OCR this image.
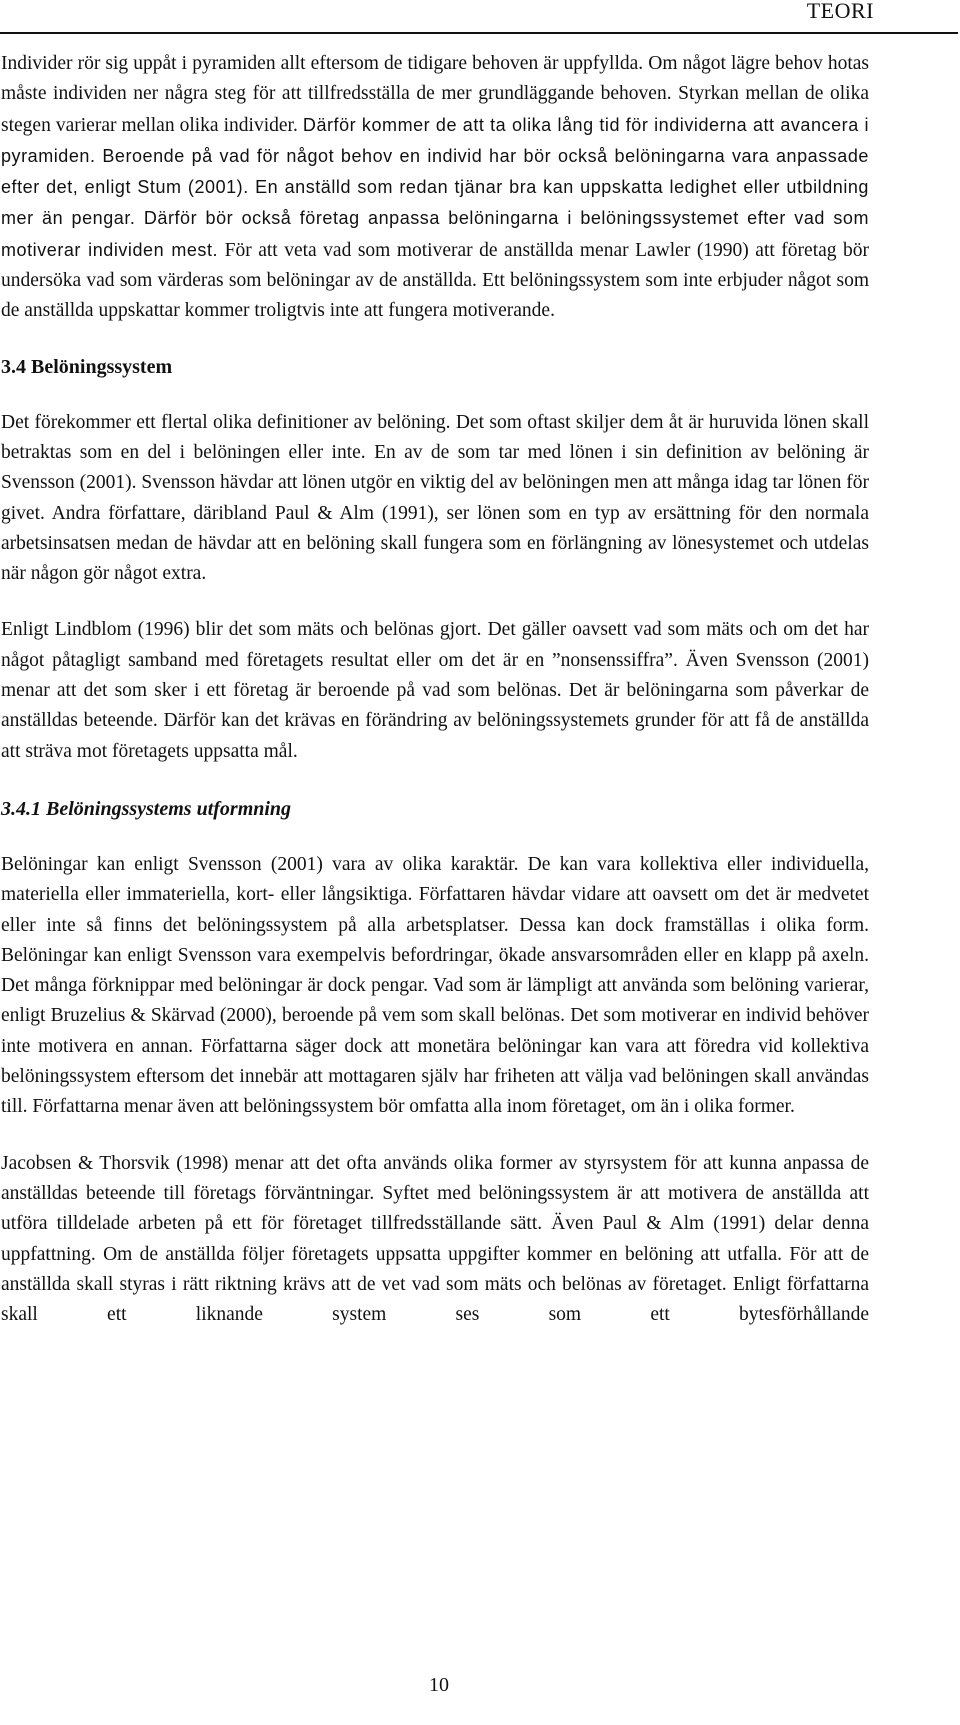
TEORI

Individer rör sig uppåt i pyramiden allt eftersom de tidigare behoven är uppfyllda. Om något lägre behov hotas måste individen ner några steg för att tillfredsställa de mer grundläggande behoven. Styrkan mellan de olika stegen varierar mellan olika individer. Därför kommer de att ta olika lång tid för individerna att avancera i pyramiden. Beroende på vad för något behov en individ har bör också belöningarna vara anpassade efter det, enligt Stum (2001). En anställd som redan tjänar bra kan uppskatta ledighet eller utbildning mer än pengar. Därför bör också företag anpassa belöningarna i belöningssystemet efter vad som motiverar individen mest. För att veta vad som motiverar de anställda menar Lawler (1990) att företag bör undersöka vad som värderas som belöningar av de anställda. Ett belöningssystem som inte erbjuder något som de anställda uppskattar kommer troligtvis inte att fungera motiverande.

3.4 Belöningssystem

Det förekommer ett flertal olika definitioner av belöning. Det som oftast skiljer dem åt är huruvida lönen skall betraktas som en del i belöningen eller inte. En av de som tar med lönen i sin definition av belöning är Svensson (2001). Svensson hävdar att lönen utgör en viktig del av belöningen men att många idag tar lönen för givet. Andra författare, däribland Paul & Alm (1991), ser lönen som en typ av ersättning för den normala arbetsinsatsen medan de hävdar att en belöning skall fungera som en förlängning av lönesystemet och utdelas när någon gör något extra.

Enligt Lindblom (1996) blir det som mäts och belönas gjort. Det gäller oavsett vad som mäts och om det har något påtagligt samband med företagets resultat eller om det är en ”nonsenssiffra”. Även Svensson (2001) menar att det som sker i ett företag är beroende på vad som belönas. Det är belöningarna som påverkar de anställdas beteende. Därför kan det krävas en förändring av belöningssystemets grunder för att få de anställda att sträva mot företagets uppsatta mål.

3.4.1 Belöningssystems utformning

Belöningar kan enligt Svensson (2001) vara av olika karaktär. De kan vara kollektiva eller individuella, materiella eller immateriella, kort- eller långsiktiga. Författaren hävdar vidare att oavsett om det är medvetet eller inte så finns det belöningssystem på alla arbetsplatser. Dessa kan dock framställas i olika form. Belöningar kan enligt Svensson vara exempelvis befordringar, ökade ansvarsområden eller en klapp på axeln. Det många förknippar med belöningar är dock pengar. Vad som är lämpligt att använda som belöning varierar, enligt Bruzelius & Skärvad (2000), beroende på vem som skall belönas. Det som motiverar en individ behöver inte motivera en annan. Författarna säger dock att monetära belöningar kan vara att föredra vid kollektiva belöningssystem eftersom det innebär att mottagaren själv har friheten att välja vad belöningen skall användas till. Författarna menar även att belöningssystem bör omfatta alla inom företaget, om än i olika former.

Jacobsen & Thorsvik (1998) menar att det ofta används olika former av styrsystem för att kunna anpassa de anställdas beteende till företags förväntningar. Syftet med belöningssystem är att motivera de anställda att utföra tilldelade arbeten på ett för företaget tillfredsställande sätt. Även Paul & Alm (1991) delar denna uppfattning. Om de anställda följer företagets uppsatta uppgifter kommer en belöning att utfalla. För att de anställda skall styras i rätt riktning krävs att de vet vad som mäts och belönas av företaget. Enligt författarna skall ett liknande system ses som ett bytesförhållande

10
